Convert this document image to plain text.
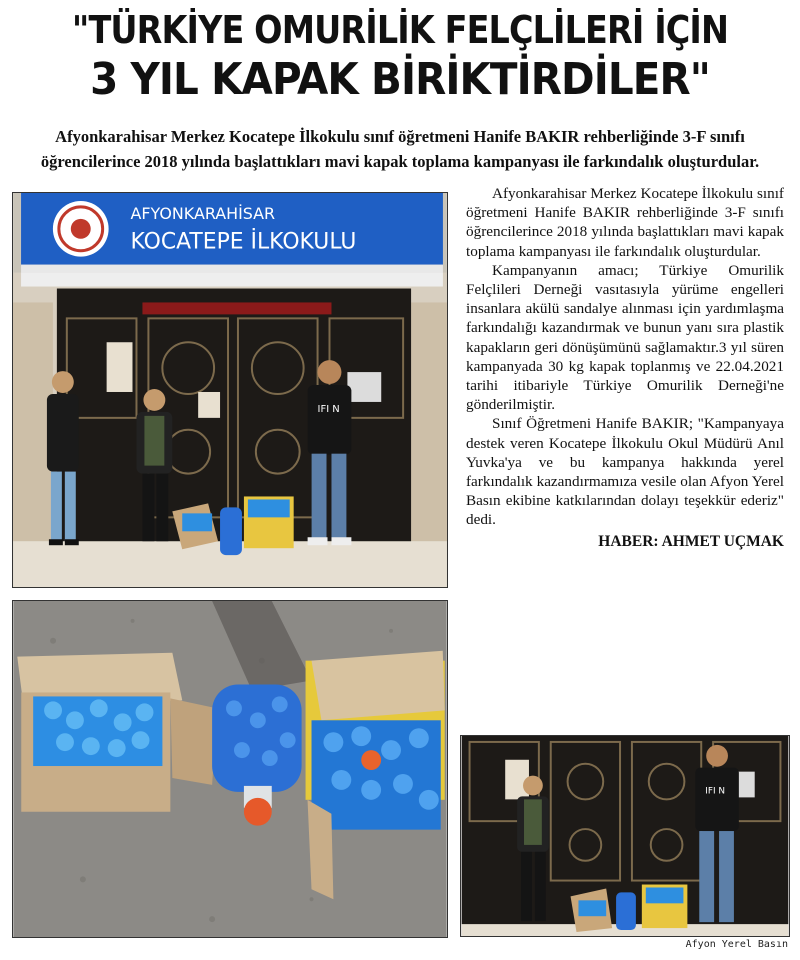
"TÜRKİYE OMURİLİK FELÇLİLERİ İÇİN
3 YIL KAPAK BİRİKTİRDİLER"
Afyonkarahisar Merkez Kocatepe İlkokulu sınıf öğretmeni Hanife BAKIR rehberliğinde 3-F sınıfı öğrencilerince 2018 yılında başlattıkları mavi kapak toplama kampanyası ile farkındalık oluşturdular.
AFYONKARAHİSAR
KOCATEPE İLKOKULU
IFI N

Afyonkarahisar Merkez Kocatepe İlkokulu sınıf öğretmeni Hanife BAKIR rehberliğinde 3-F sınıfı öğrencilerince 2018 yılında başlattıkları mavi kapak toplama kampanyası ile farkındalık oluşturdular.

Kampanyanın amacı; Türkiye Omurilik Felçlileri Derneği vasıtasıyla yürüme engelleri insanlara akülü sandalye alınması için yardımlaşma farkındalığı kazandırmak ve bunun yanı sıra plastik kapakların geri dönüşümünü sağlamaktır.3 yıl süren kampanyada 30 kg kapak toplanmış ve 22.04.2021 tarihi itibariyle Türkiye Omurilik Derneği'ne gönderilmiştir.

Sınıf Öğretmeni Hanife BAKIR; "Kampanyaya destek veren Kocatepe İlkokulu Okul Müdürü Anıl Yuvka'ya ve bu kampanya hakkında yerel farkındalık kazandırmamıza vesile olan Afyon Yerel Basın ekibine katkılarından dolayı teşekkür ederiz" dedi.

HABER: AHMET UÇMAK

IFI N
Afyon Yerel Basın
